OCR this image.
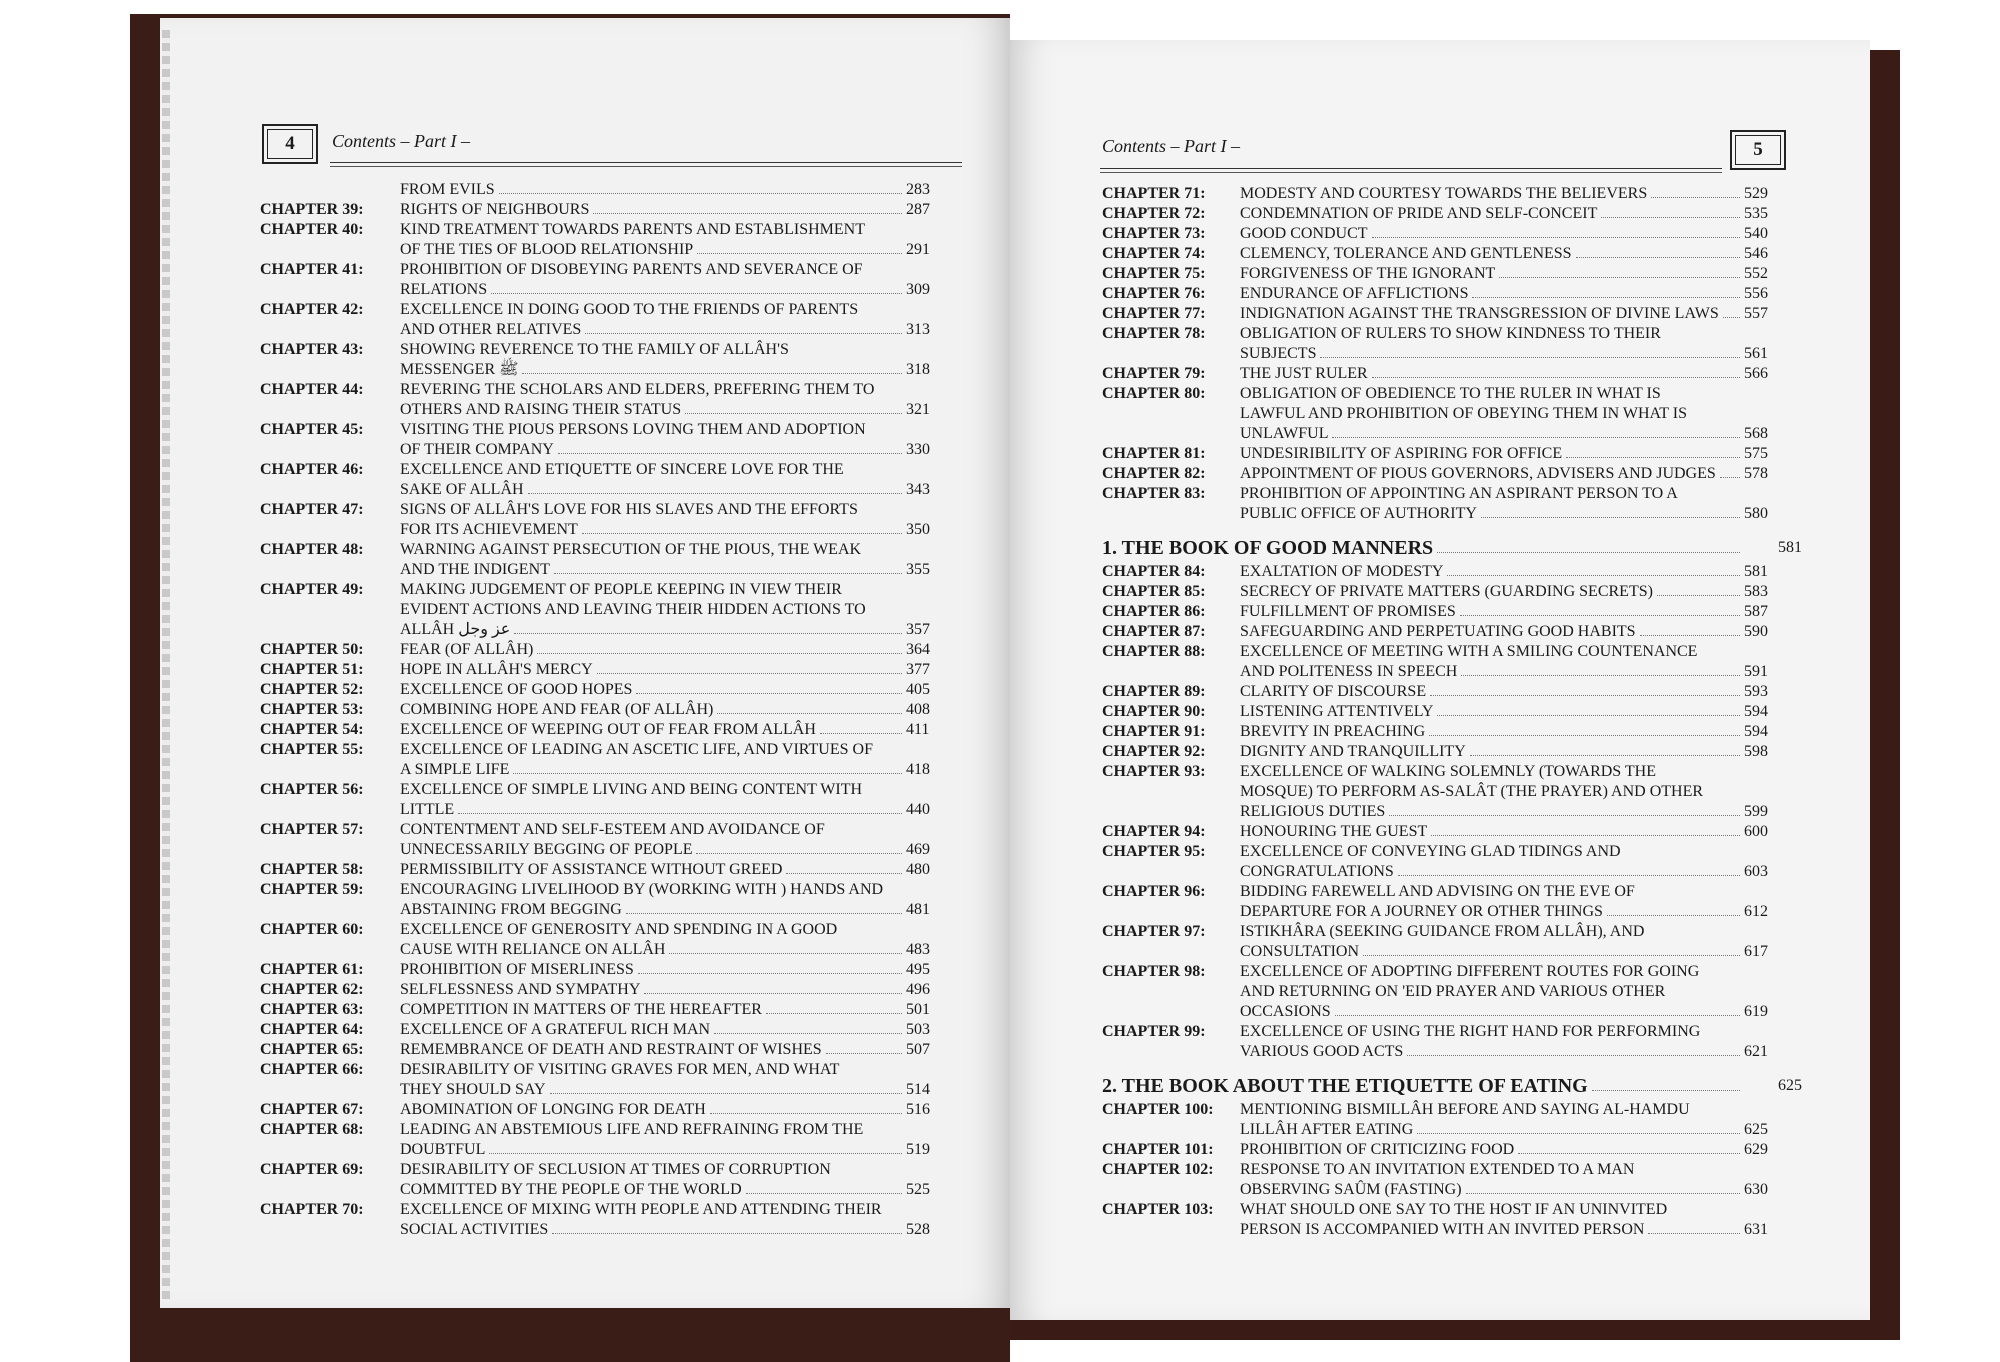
4 Contents – Part I –	Contents – Part I –	5
FROM EVILS	283
CHAPTER 39:	RIGHTS OF NEIGHBOURS	287
CHAPTER 40:	KIND TREATMENT TOWARDS PARENTS AND ESTABLISHMENT
OF THE TIES OF BLOOD RELATIONSHIP	291
CHAPTER 41:	PROHIBITION OF DISOBEYING PARENTS AND SEVERANCE OF
RELATIONS	309
CHAPTER 42:	EXCELLENCE IN DOING GOOD TO THE FRIENDS OF PARENTS
AND OTHER RELATIVES	313
CHAPTER 43:	SHOWING REVERENCE TO THE FAMILY OF ALLÂH'S
MESSENGER ﷺ	318
CHAPTER 44:	REVERING THE SCHOLARS AND ELDERS, PREFERING THEM TO
OTHERS AND RAISING THEIR STATUS	321
CHAPTER 45:	VISITING THE PIOUS PERSONS LOVING THEM AND ADOPTION
OF THEIR COMPANY	330
CHAPTER 46:	EXCELLENCE AND ETIQUETTE OF SINCERE LOVE FOR THE
SAKE OF ALLÂH	343
CHAPTER 47:	SIGNS OF ALLÂH'S LOVE FOR HIS SLAVES AND THE EFFORTS
FOR ITS ACHIEVEMENT	350
CHAPTER 48:	WARNING AGAINST PERSECUTION OF THE PIOUS, THE WEAK
AND THE INDIGENT	355
CHAPTER 49:	MAKING JUDGEMENT OF PEOPLE KEEPING IN VIEW THEIR
EVIDENT ACTIONS AND LEAVING THEIR HIDDEN ACTIONS TO
ALLÂH عز وجل	357
CHAPTER 50:	FEAR (OF ALLÂH)	364
CHAPTER 51:	HOPE IN ALLÂH'S MERCY	377
CHAPTER 52:	EXCELLENCE OF GOOD HOPES	405
CHAPTER 53:	COMBINING HOPE AND FEAR (OF ALLÂH)	408
CHAPTER 54:	EXCELLENCE OF WEEPING OUT OF FEAR FROM ALLÂH	411
CHAPTER 55:	EXCELLENCE OF LEADING AN ASCETIC LIFE, AND VIRTUES OF
A SIMPLE LIFE	418
CHAPTER 56:	EXCELLENCE OF SIMPLE LIVING AND BEING CONTENT WITH
LITTLE	440
CHAPTER 57:	CONTENTMENT AND SELF-ESTEEM AND AVOIDANCE OF
UNNECESSARILY BEGGING OF PEOPLE	469
CHAPTER 58:	PERMISSIBILITY OF ASSISTANCE WITHOUT GREED	480
CHAPTER 59:	ENCOURAGING LIVELIHOOD BY (WORKING WITH ) HANDS AND
ABSTAINING FROM BEGGING	481
CHAPTER 60:	EXCELLENCE OF GENEROSITY AND SPENDING IN A GOOD
CAUSE WITH RELIANCE ON ALLÂH	483
CHAPTER 61:	PROHIBITION OF MISERLINESS	495
CHAPTER 62:	SELFLESSNESS AND SYMPATHY	496
CHAPTER 63:	COMPETITION IN MATTERS OF THE HEREAFTER	501
CHAPTER 64:	EXCELLENCE OF A GRATEFUL RICH MAN	503
CHAPTER 65:	REMEMBRANCE OF DEATH AND RESTRAINT OF WISHES	507
CHAPTER 66:	DESIRABILITY OF VISITING GRAVES FOR MEN, AND WHAT
THEY SHOULD SAY	514
CHAPTER 67:	ABOMINATION OF LONGING FOR DEATH	516
CHAPTER 68:	LEADING AN ABSTEMIOUS LIFE AND REFRAINING FROM THE
DOUBTFUL	519
CHAPTER 69:	DESIRABILITY OF SECLUSION AT TIMES OF CORRUPTION
COMMITTED BY THE PEOPLE OF THE WORLD	525
CHAPTER 70:	EXCELLENCE OF MIXING WITH PEOPLE AND ATTENDING THEIR
SOCIAL ACTIVITIES	528
CHAPTER 71:	MODESTY AND COURTESY TOWARDS THE BELIEVERS	529
CHAPTER 72:	CONDEMNATION OF PRIDE AND SELF-CONCEIT	535
CHAPTER 73:	GOOD CONDUCT	540
CHAPTER 74:	CLEMENCY, TOLERANCE AND GENTLENESS	546
CHAPTER 75:	FORGIVENESS OF THE IGNORANT	552
CHAPTER 76:	ENDURANCE OF AFFLICTIONS	556
CHAPTER 77:	INDIGNATION AGAINST THE TRANSGRESSION OF DIVINE LAWS 557
CHAPTER 78:	OBLIGATION OF RULERS TO SHOW KINDNESS TO THEIR
SUBJECTS	561
CHAPTER 79:	THE JUST RULER	566
CHAPTER 80:	OBLIGATION OF OBEDIENCE TO THE RULER IN WHAT IS
LAWFUL AND PROHIBITION OF OBEYING THEM IN WHAT IS
UNLAWFUL	568
CHAPTER 81:	UNDESIRIBILITY OF ASPIRING FOR OFFICE	575
CHAPTER 82:	APPOINTMENT OF PIOUS GOVERNORS, ADVISERS AND JUDGES 578
CHAPTER 83:	PROHIBITION OF APPOINTING AN ASPIRANT PERSON TO A
PUBLIC OFFICE OF AUTHORITY	580
1. THE BOOK OF GOOD MANNERS	581
CHAPTER 84:	EXALTATION OF MODESTY	581
CHAPTER 85:	SECRECY OF PRIVATE MATTERS (GUARDING SECRETS)	583
CHAPTER 86:	FULFILLMENT OF PROMISES	587
CHAPTER 87:	SAFEGUARDING AND PERPETUATING GOOD HABITS	590
CHAPTER 88:	EXCELLENCE OF MEETING WITH A SMILING COUNTENANCE
AND POLITENESS IN SPEECH	591
CHAPTER 89:	CLARITY OF DISCOURSE	593
CHAPTER 90:	LISTENING ATTENTIVELY	594
CHAPTER 91:	BREVITY IN PREACHING	594
CHAPTER 92:	DIGNITY AND TRANQUILLITY	598
CHAPTER 93:	EXCELLENCE OF WALKING SOLEMNLY (TOWARDS THE
MOSQUE) TO PERFORM AS-SALÂT (THE PRAYER) AND OTHER
RELIGIOUS DUTIES	599
CHAPTER 94:	HONOURING THE GUEST	600
CHAPTER 95:	EXCELLENCE OF CONVEYING GLAD TIDINGS AND
CONGRATULATIONS	603
CHAPTER 96:	BIDDING FAREWELL AND ADVISING ON THE EVE OF
DEPARTURE FOR A JOURNEY OR OTHER THINGS	612
CHAPTER 97:	ISTIKHÂRA (SEEKING GUIDANCE FROM ALLÂH), AND
CONSULTATION	617
CHAPTER 98:	EXCELLENCE OF ADOPTING DIFFERENT ROUTES FOR GOING
AND RETURNING ON 'EID PRAYER AND VARIOUS OTHER
OCCASIONS	619
CHAPTER 99:	EXCELLENCE OF USING THE RIGHT HAND FOR PERFORMING
VARIOUS GOOD ACTS	621
2. THE BOOK ABOUT THE ETIQUETTE OF EATING	625
CHAPTER 100:	MENTIONING BISMILLÂH BEFORE AND SAYING AL-HAMDU
LILLÂH AFTER EATING	625
CHAPTER 101:	PROHIBITION OF CRITICIZING FOOD	629
CHAPTER 102:	RESPONSE TO AN INVITATION EXTENDED TO A MAN
OBSERVING SAÛM (FASTING)	630
CHAPTER 103:	WHAT SHOULD ONE SAY TO THE HOST IF AN UNINVITED
PERSON IS ACCOMPANIED WITH AN INVITED PERSON	631
